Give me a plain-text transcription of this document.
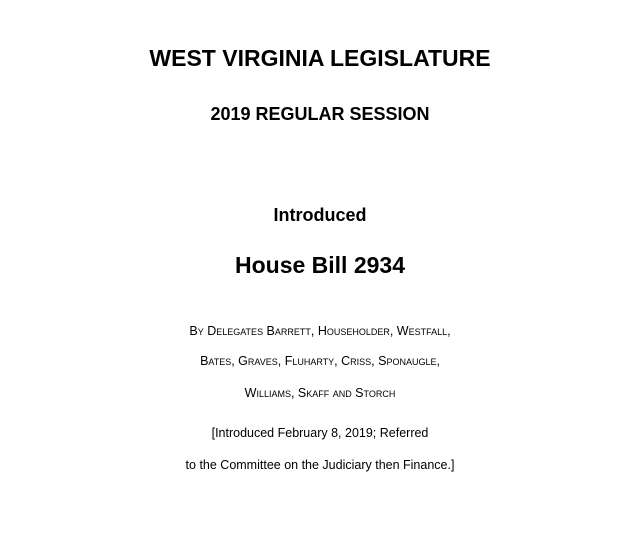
WEST VIRGINIA LEGISLATURE
2019 REGULAR SESSION
Introduced
House Bill 2934
By Delegates Barrett, Householder, Westfall,
Bates, Graves, Fluharty, Criss, Sponaugle,
Williams, Skaff and Storch
[Introduced February 8, 2019; Referred
to the Committee on the Judiciary then Finance.]
